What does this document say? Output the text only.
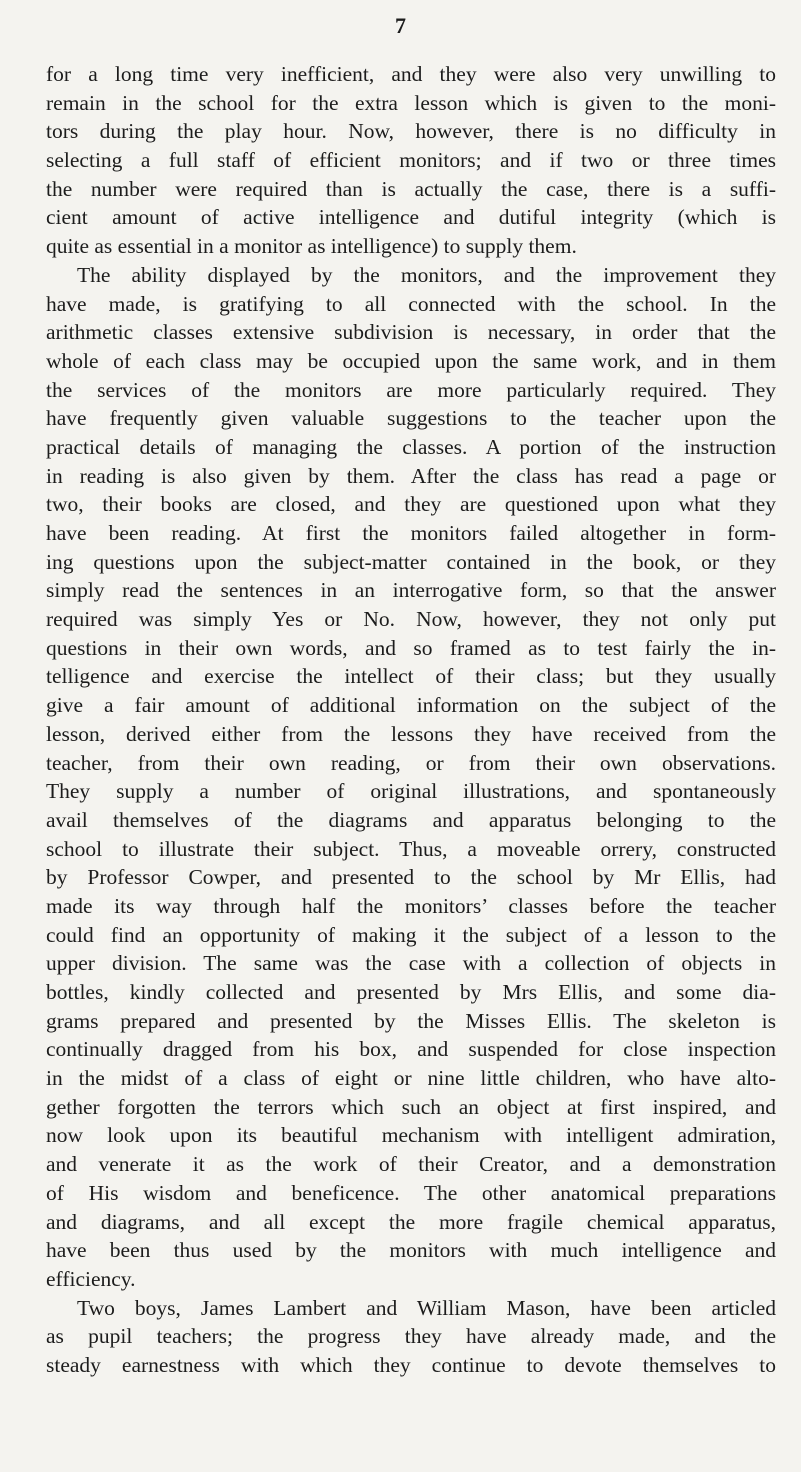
7
for a long time very inefficient, and they were also very unwilling to
remain in the school for the extra lesson which is given to the moni-
tors during the play hour. Now, however, there is no difficulty in
selecting a full staff of efficient monitors; and if two or three times
the number were required than is actually the case, there is a suffi-
cient amount of active intelligence and dutiful integrity (which is
quite as essential in a monitor as intelligence) to supply them.
The ability displayed by the monitors, and the improvement they
have made, is gratifying to all connected with the school. In the
arithmetic classes extensive subdivision is necessary, in order that the
whole of each class may be occupied upon the same work, and in them
the services of the monitors are more particularly required. They
have frequently given valuable suggestions to the teacher upon the
practical details of managing the classes. A portion of the instruction
in reading is also given by them. After the class has read a page or
two, their books are closed, and they are questioned upon what they
have been reading. At first the monitors failed altogether in form-
ing questions upon the subject-matter contained in the book, or they
simply read the sentences in an interrogative form, so that the answer
required was simply Yes or No. Now, however, they not only put
questions in their own words, and so framed as to test fairly the in-
telligence and exercise the intellect of their class; but they usually
give a fair amount of additional information on the subject of the
lesson, derived either from the lessons they have received from the
teacher, from their own reading, or from their own observations.
They supply a number of original illustrations, and spontaneously
avail themselves of the diagrams and apparatus belonging to the
school to illustrate their subject. Thus, a moveable orrery, constructed
by Professor Cowper, and presented to the school by Mr Ellis, had
made its way through half the monitors’ classes before the teacher
could find an opportunity of making it the subject of a lesson to the
upper division. The same was the case with a collection of objects in
bottles, kindly collected and presented by Mrs Ellis, and some dia-
grams prepared and presented by the Misses Ellis. The skeleton is
continually dragged from his box, and suspended for close inspection
in the midst of a class of eight or nine little children, who have alto-
gether forgotten the terrors which such an object at first inspired, and
now look upon its beautiful mechanism with intelligent admiration,
and venerate it as the work of their Creator, and a demonstration
of His wisdom and beneficence. The other anatomical preparations
and diagrams, and all except the more fragile chemical apparatus,
have been thus used by the monitors with much intelligence and
efficiency.
Two boys, James Lambert and William Mason, have been articled
as pupil teachers; the progress they have already made, and the
steady earnestness with which they continue to devote themselves to
